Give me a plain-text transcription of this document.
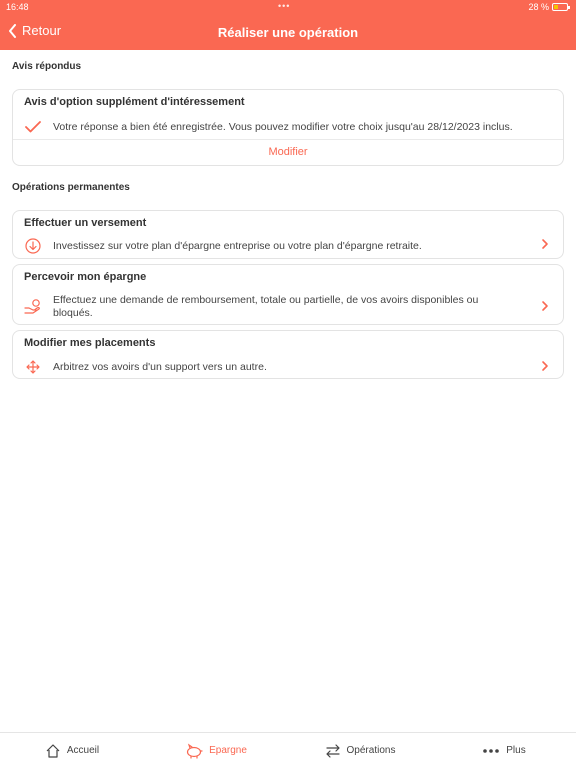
16:48	•••	28 %
Retour	Réaliser une opération
Avis répondus
Avis d'option supplément d'intéressement
Votre réponse a bien été enregistrée. Vous pouvez modifier votre choix jusqu'au 28/12/2023 inclus.
Modifier
Opérations permanentes
Effectuer un versement
Investissez sur votre plan d'épargne entreprise ou votre plan d'épargne retraite.
Percevoir mon épargne
Effectuez une demande de remboursement, totale ou partielle, de vos avoirs disponibles ou bloqués.
Modifier mes placements
Arbitrez vos avoirs d'un support vers un autre.
Accueil	Epargne	Opérations	Plus
